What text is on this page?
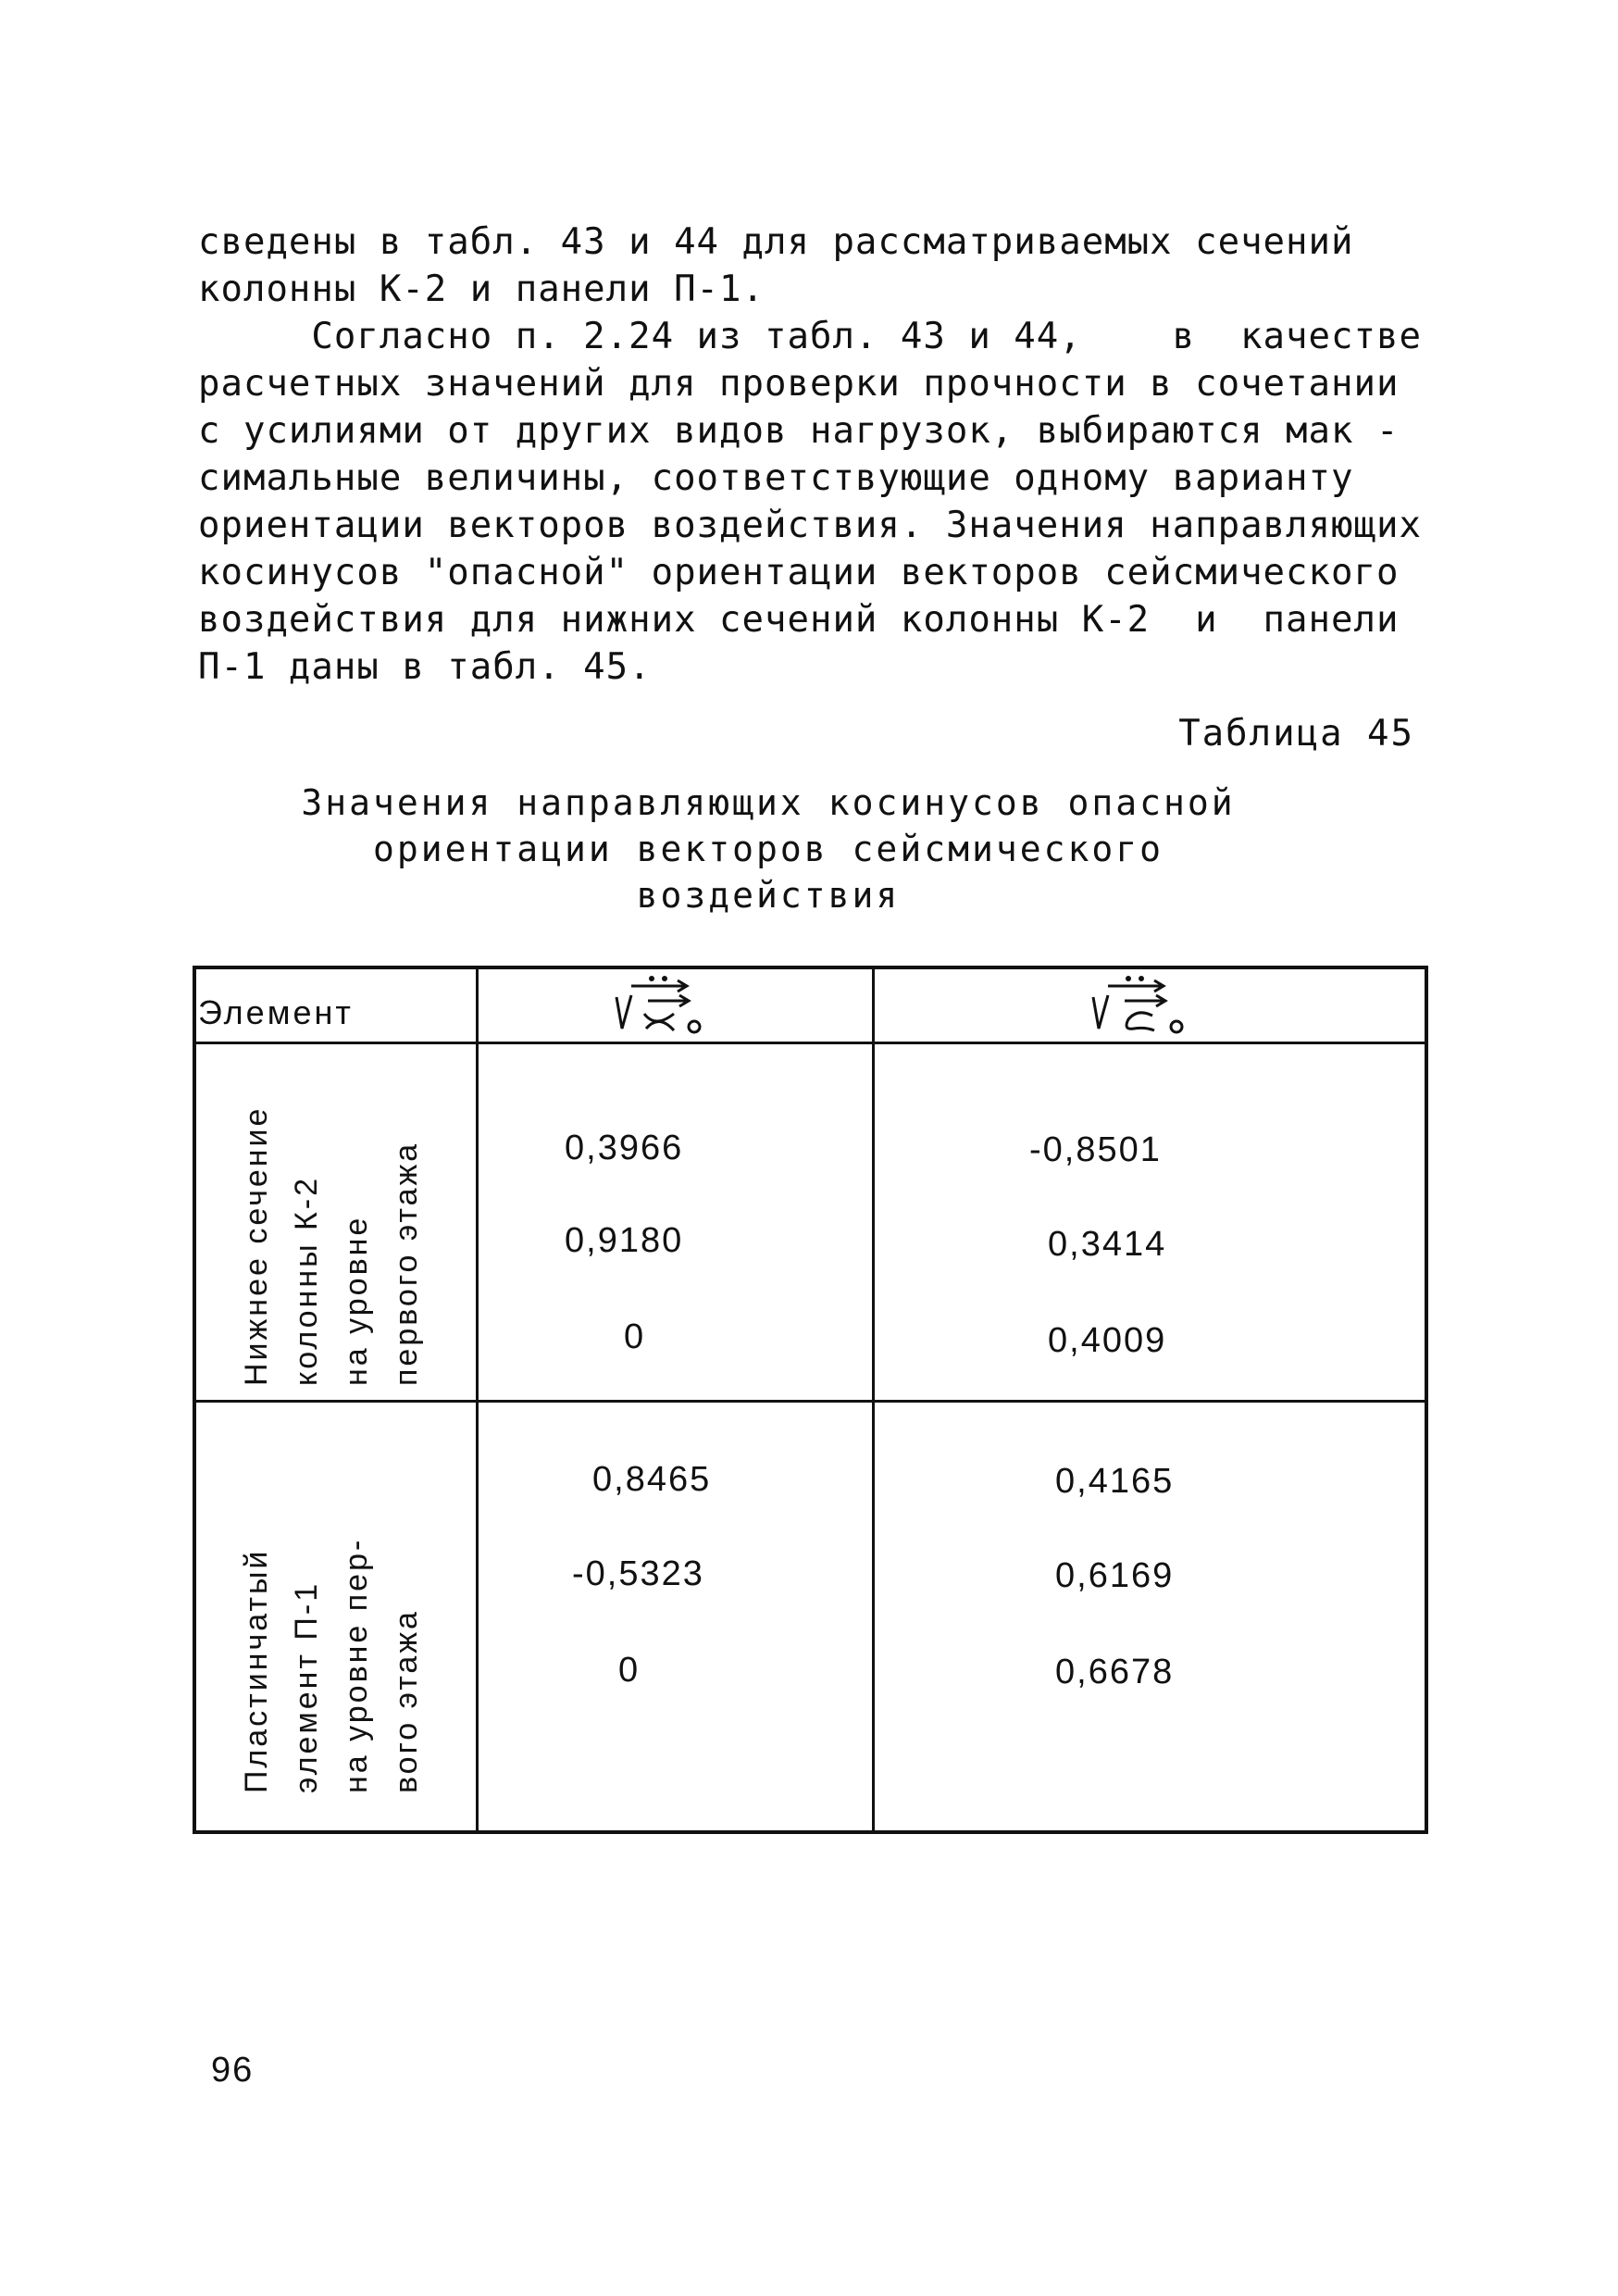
сведены в табл. 43 и 44 для рассматриваемых сечений
колонны К-2 и панели П-1.
Согласно п. 2.24 из табл. 43 и 44,    в  качестве
расчетных значений для проверки прочности в сочетании
с усилиями от других видов нагрузок, выбираются мак -
симальные величины, соответствующие одному варианту
ориентации векторов воздействия. Значения направляющих
косинусов "опасной" ориентации векторов сейсмического
воздействия для нижних сечений колонны К-2  и  панели
П-1 даны в табл. 45.
Таблица 45
Значения направляющих косинусов опасной
ориентации векторов сейсмического
воздействия
Элемент
Нижнее сечение колонны К-2 на уровне первого этажа	0,3966
0,9180
0
-0,8501
0,3414
0,4009
Пластинчатый элемент П-1 на уровне пер- вого этажа
0,8465
-0,5323
0
0,4165
0,6169
0,6678
96
